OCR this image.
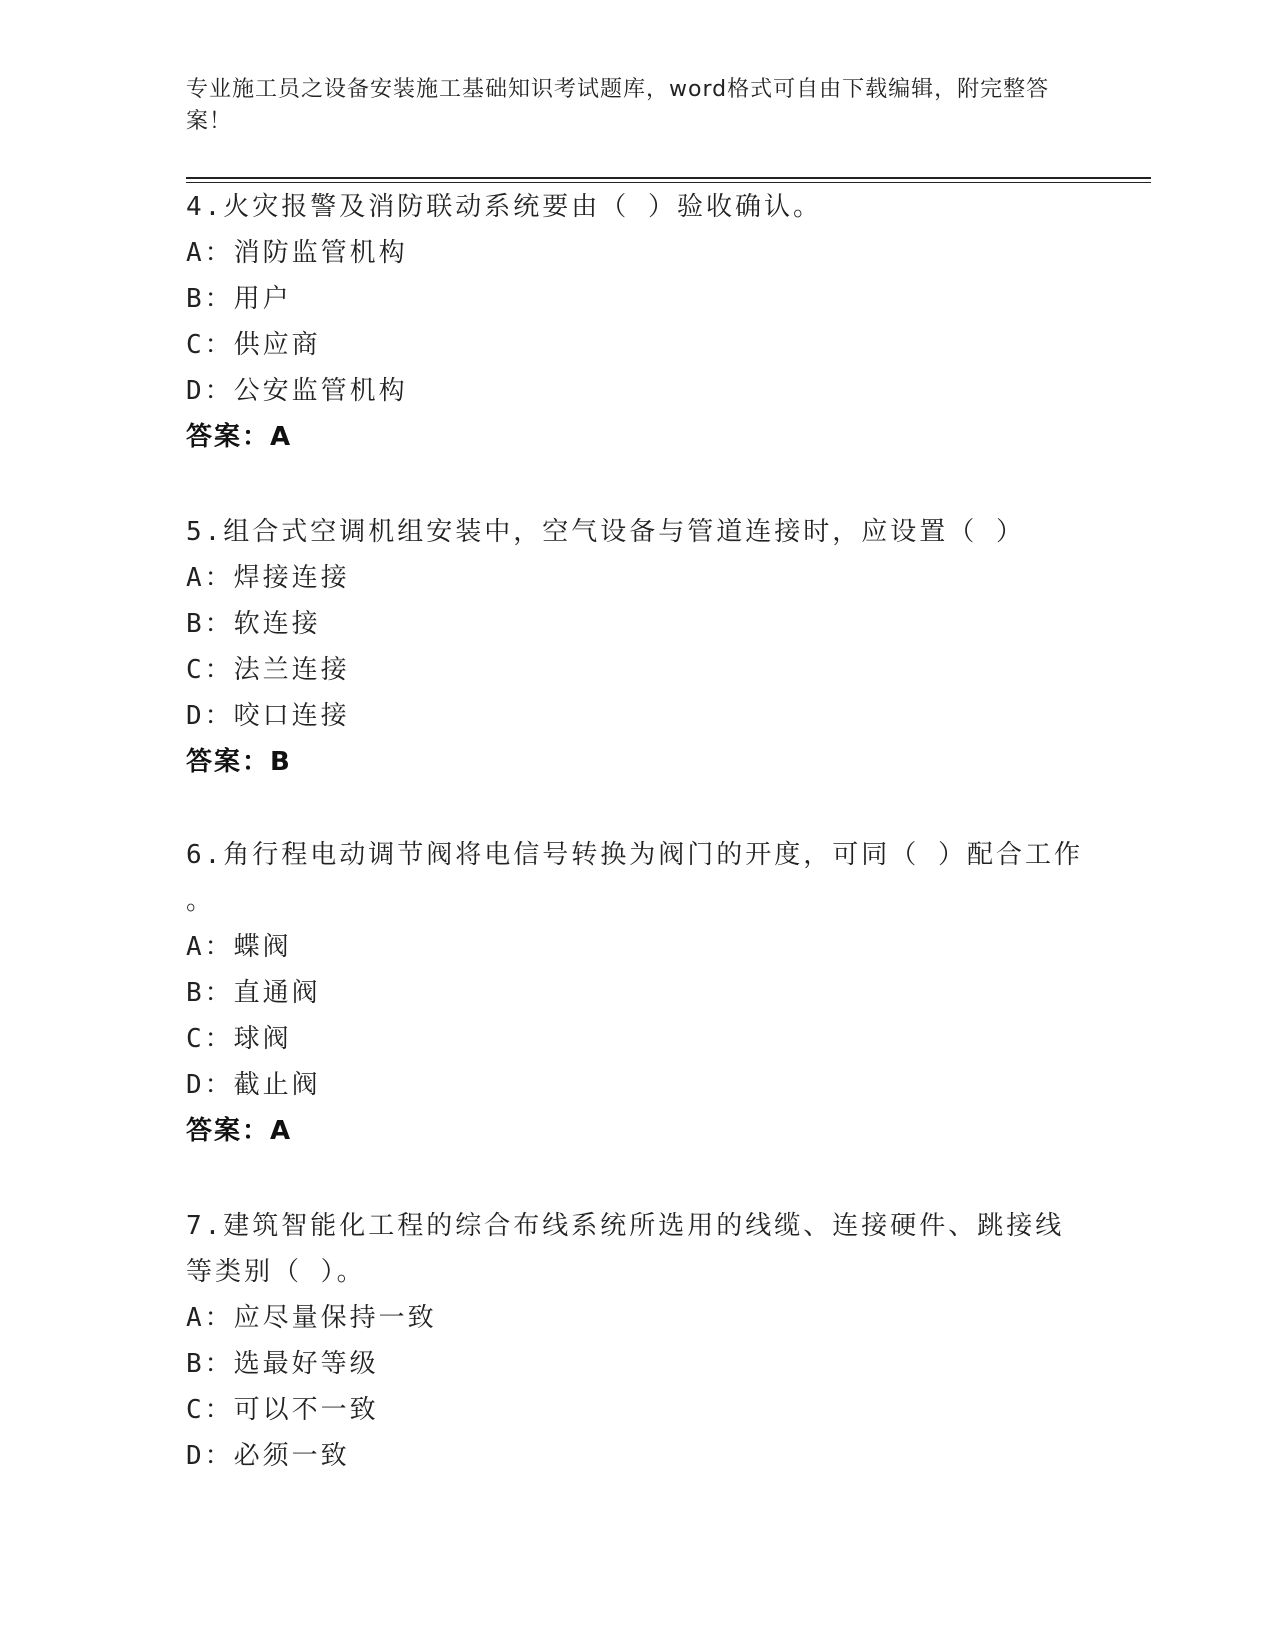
专业施工员之设备安装施工基础知识考试题库，word格式可自由下载编辑，附完整答案！
4.火灾报警及消防联动系统要由（ ）验收确认。
A：消防监管机构
B：用户
C：供应商
D：公安监管机构
答案：A
5.组合式空调机组安装中，空气设备与管道连接时，应设置（ ）
A：焊接连接
B：软连接
C：法兰连接
D：咬口连接
答案：B
6.角行程电动调节阀将电信号转换为阀门的开度，可同（ ）配合工作
。
A：蝶阀
B：直通阀
C：球阀
D：截止阀
答案：A
7.建筑智能化工程的综合布线系统所选用的线缆、连接硬件、跳接线
等类别（ ）。
A：应尽量保持一致
B：选最好等级
C：可以不一致
D：必须一致
